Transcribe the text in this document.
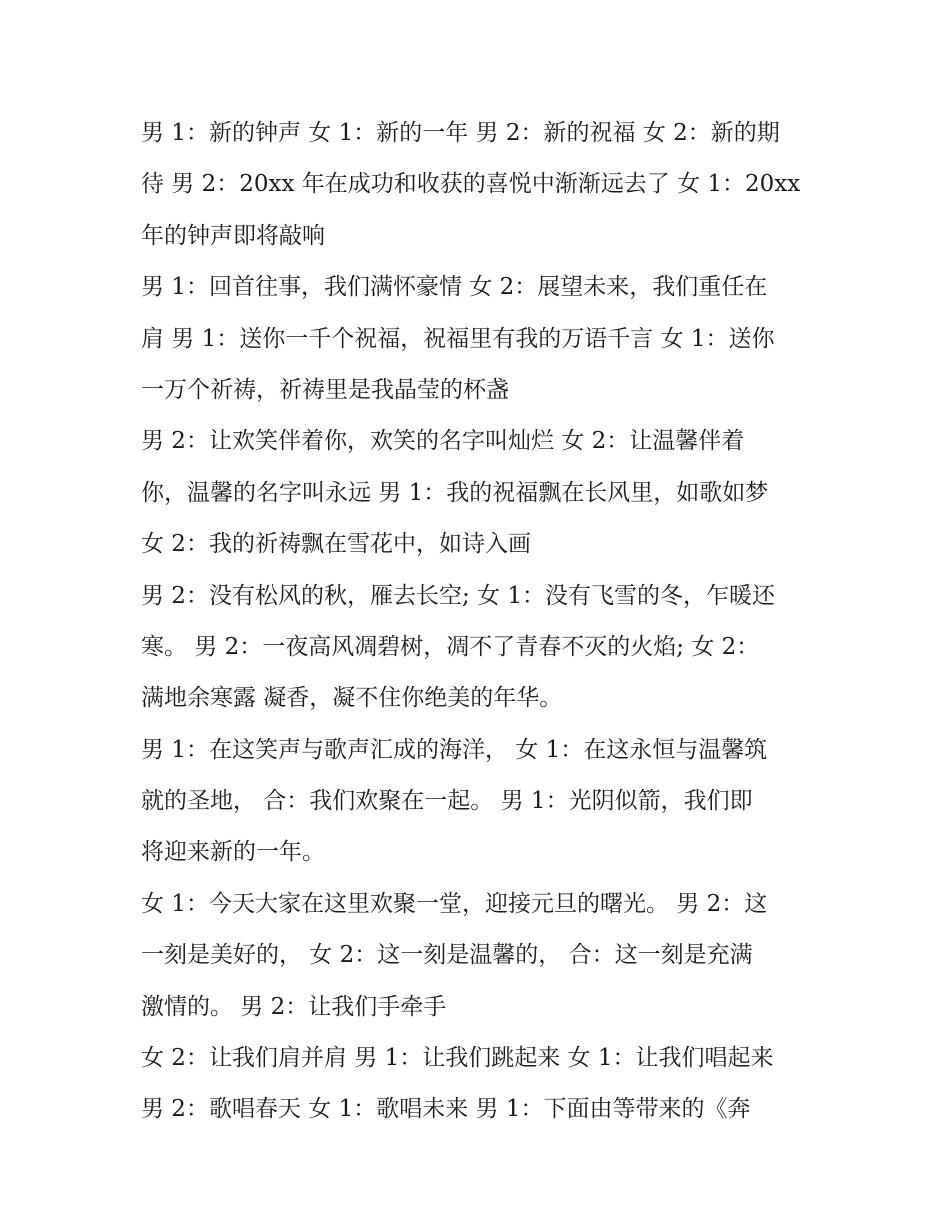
男 1：新的钟声 女 1：新的一年 男 2：新的祝福 女 2：新的期
待 男 2：20xx 年在成功和收获的喜悦中渐渐远去了 女 1：20xx
年的钟声即将敲响
男 1：回首往事，我们满怀豪情 女 2：展望未来，我们重任在
肩 男 1：送你一千个祝福，祝福里有我的万语千言 女 1：送你
一万个祈祷，祈祷里是我晶莹的杯盏
男 2：让欢笑伴着你，欢笑的名字叫灿烂 女 2：让温馨伴着
你，温馨的名字叫永远 男 1：我的祝福飘在长风里，如歌如梦
女 2：我的祈祷飘在雪花中，如诗入画
男 2：没有松风的秋，雁去长空; 女 1：没有飞雪的冬，乍暖还
寒。 男 2：一夜高风凋碧树，凋不了青春不灭的火焰; 女 2：
满地余寒露 凝香，凝不住你绝美的年华。
男 1：在这笑声与歌声汇成的海洋， 女 1：在这永恒与温馨筑
就的圣地， 合：我们欢聚在一起。 男 1：光阴似箭，我们即
将迎来新的一年。
女 1：今天大家在这里欢聚一堂，迎接元旦的曙光。 男 2：这
一刻是美好的， 女 2：这一刻是温馨的， 合：这一刻是充满
激情的。 男 2：让我们手牵手
女 2：让我们肩并肩 男 1：让我们跳起来 女 1：让我们唱起来
男 2：歌唱春天 女 1：歌唱未来 男 1：下面由等带来的《奔
